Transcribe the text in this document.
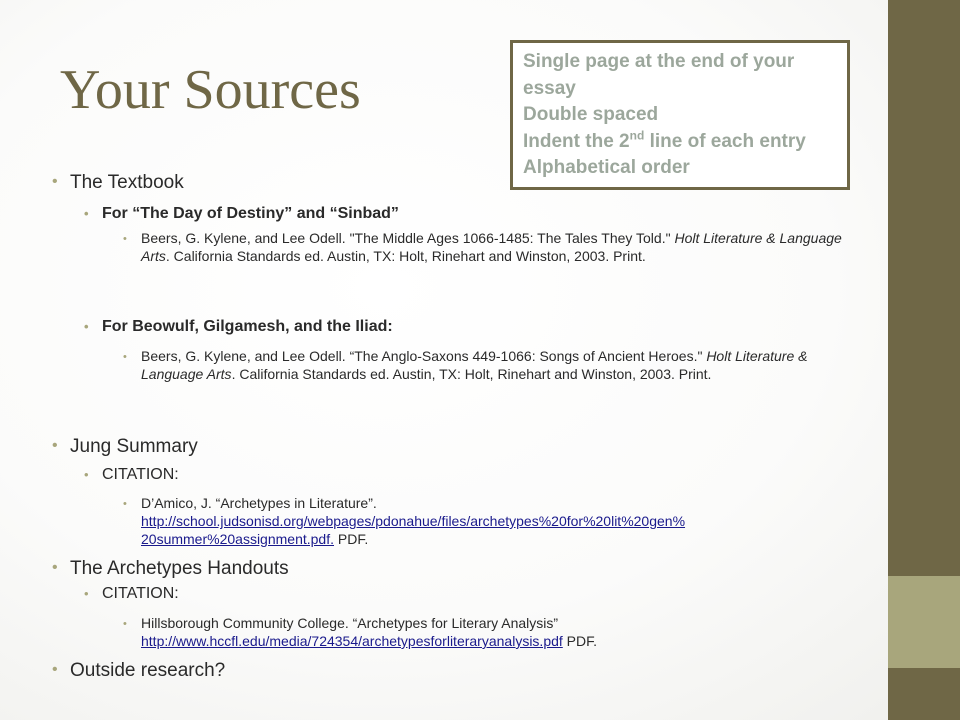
Your Sources	Single page at the end of your
essay
Double spaced
Indent the 2nd line of each entry
Alphabetical order
• The Textbook
• For “The Day of Destiny” and “Sinbad”
• Beers, G. Kylene, and Lee Odell. "The Middle Ages 1066-1485: The Tales They Told." Holt Literature & Language Arts. California Standards ed. Austin, TX: Holt, Rinehart and Winston, 2003. Print.
• For Beowulf, Gilgamesh, and the Iliad:
• Beers, G. Kylene, and Lee Odell. “The Anglo-Saxons 449-1066: Songs of Ancient Heroes." Holt Literature & Language Arts. California Standards ed. Austin, TX: Holt, Rinehart and Winston, 2003. Print.
• Jung Summary
• CITATION:
• D’Amico, J. “Archetypes in Literature”.
http://school.judsonisd.org/webpages/pdonahue/files/archetypes%20for%20lit%20gen%
20summer%20assignment.pdf. PDF.
• The Archetypes Handouts
• CITATION:
• Hillsborough Community College. “Archetypes for Literary Analysis”
http://www.hccfl.edu/media/724354/archetypesforliteraryanalysis.pdf PDF.
• Outside research?
